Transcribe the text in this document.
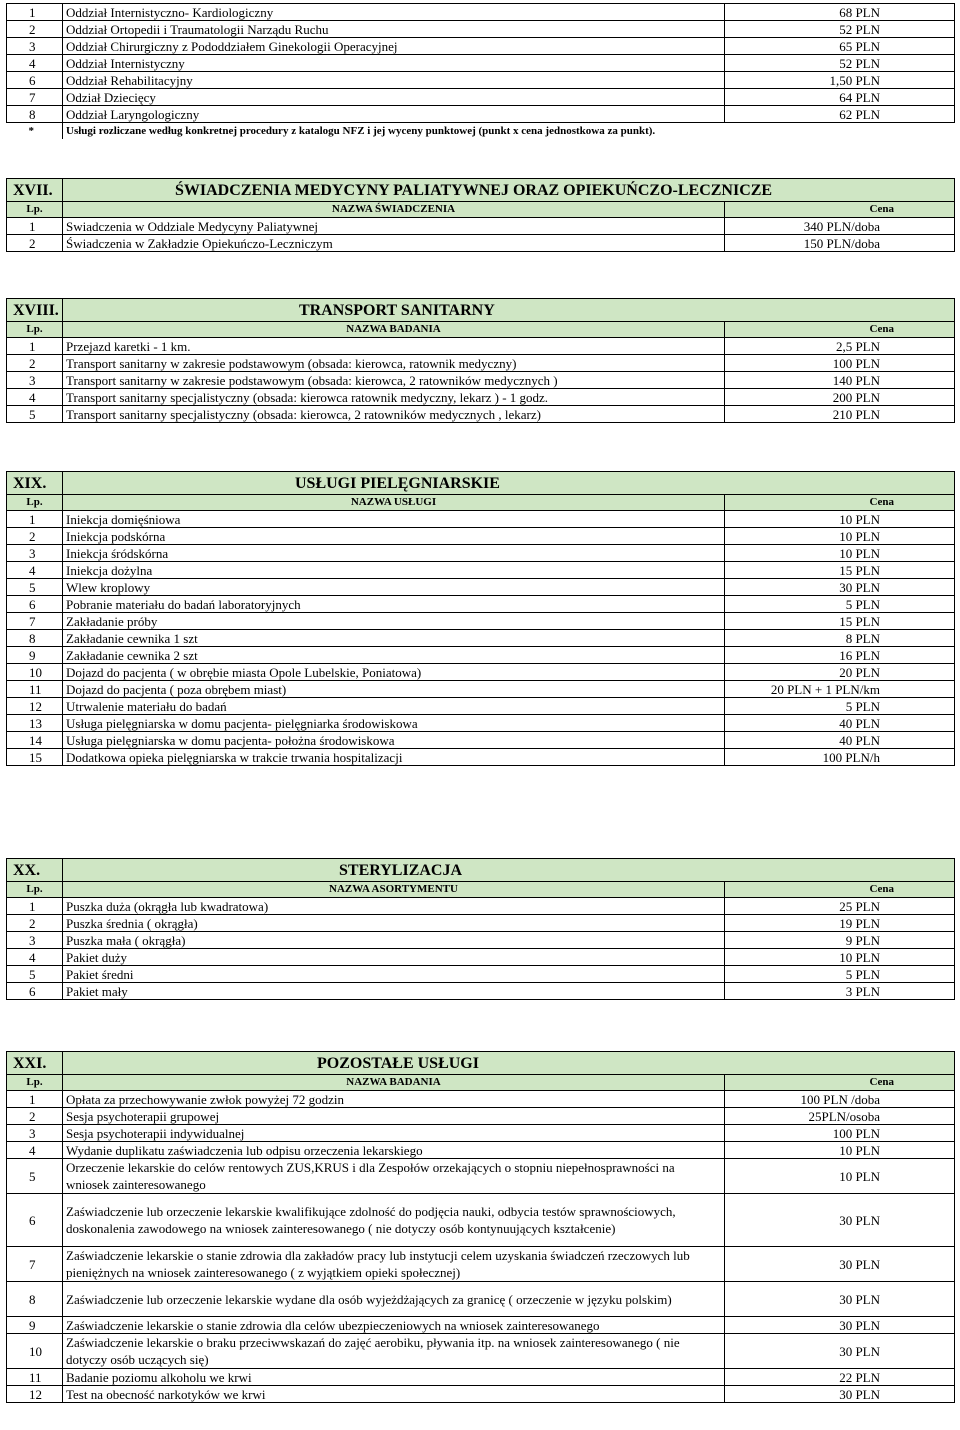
1	Oddział Internistyczno- Kardiologiczny	68 PLN
2	Oddział Ortopedii i Traumatologii Narządu Ruchu	52 PLN
3	Oddział Chirurgiczny z Pododdziałem Ginekologii Operacyjnej	65 PLN
4	Oddział Internistyczny	52 PLN
6	Oddział Rehabilitacyjny	1,50 PLN
7	Odział Dziecięcy	64 PLN
8	Oddział Laryngologiczny	62 PLN
*	Usługi rozliczane według konkretnej procedury z katalogu NFZ i jej wyceny punktowej (punkt x cena jednostkowa za punkt).	
XVII.	ŚWIADCZENIA MEDYCYNY PALIATYWNEJ ORAZ OPIEKUŃCZO-LECZNICZE	
Lp.	NAZWA ŚWIADCZENIA	Cena
1	Swiadczenia w Oddziale Medycyny Paliatywnej	340 PLN/doba
2	Świadczenia w Zakładzie Opiekuńczo-Leczniczym	150 PLN/doba
XVIII.	TRANSPORT SANITARNY	
Lp.	NAZWA BADANIA	Cena
1	Przejazd karetki - 1 km.	2,5 PLN
2	Transport sanitarny w zakresie podstawowym (obsada: kierowca, ratownik medyczny)	100 PLN
3	Transport sanitarny w zakresie podstawowym (obsada: kierowca, 2 ratowników medycznych )	140 PLN
4	Transport sanitarny specjalistyczny (obsada: kierowca ratownik medyczny, lekarz ) - 1 godz.	200 PLN
5	Transport sanitarny specjalistyczny (obsada: kierowca, 2 ratowników medycznych , lekarz)	210 PLN
XIX.	USŁUGI PIELĘGNIARSKIE	
Lp.	NAZWA USŁUGI	Cena
1	Iniekcja domięśniowa	10 PLN
2	Iniekcja podskórna	10 PLN
3	Iniekcja śródskórna	10 PLN
4	Iniekcja dożylna	15 PLN
5	Wlew kroplowy	30 PLN
6	Pobranie materiału do badań laboratoryjnych	5 PLN
7	Zakładanie próby	15 PLN
8	Zakładanie cewnika 1 szt	8 PLN
9	Zakładanie cewnika 2 szt	16 PLN
10	Dojazd do pacjenta ( w obrębie miasta Opole Lubelskie, Poniatowa)	20 PLN
11	Dojazd do pacjenta ( poza obrębem miast)	20 PLN + 1 PLN/km
12	Utrwalenie materiału do badań	5 PLN
13	Usługa pielęgniarska w domu pacjenta- pielęgniarka środowiskowa	40 PLN
14	Usługa pielęgniarska w domu pacjenta- położna środowiskowa	40 PLN
15	Dodatkowa opieka pielęgniarska w trakcie trwania hospitalizacji	100 PLN/h
XX.	STERYLIZACJA	
Lp.	NAZWA ASORTYMENTU	Cena
1	Puszka duża (okrągła lub kwadratowa)	25 PLN
2	Puszka średnia ( okrągła)	19 PLN
3	Puszka mała ( okrągła)	9 PLN
4	Pakiet duży	10 PLN
5	Pakiet średni	5 PLN
6	Pakiet mały	3 PLN
XXI.	POZOSTAŁE USŁUGI	
Lp.	NAZWA BADANIA	Cena
1	Opłata za przechowywanie zwłok powyżej 72 godzin	100 PLN /doba
2	Sesja psychoterapii grupowej	25PLN/osoba
3	Sesja psychoterapii indywidualnej	100 PLN
4	Wydanie duplikatu zaświadczenia lub odpisu orzeczenia lekarskiego	10 PLN
5	Orzeczenie lekarskie do celów rentowych ZUS,KRUS i dla Zespołów orzekających o stopniu niepełnosprawności na wniosek zainteresowanego	10 PLN
6	Zaświadczenie lub orzeczenie lekarskie kwalifikujące zdolność do podjęcia nauki, odbycia testów sprawnościowych, doskonalenia zawodowego na wniosek zainteresowanego ( nie dotyczy osób kontynuujących kształcenie)	30 PLN
7	Zaświadczenie lekarskie o stanie zdrowia dla zakładów pracy lub instytucji celem uzyskania świadczeń rzeczowych lub pieniężnych na wniosek zainteresowanego ( z wyjątkiem opieki społecznej)	30 PLN
8	Zaświadczenie lub orzeczenie lekarskie wydane dla osób wyjeżdżających za granicę ( orzeczenie w języku polskim)	30 PLN
9	Zaświadczenie lekarskie o stanie zdrowia dla celów ubezpieczeniowych na wniosek zainteresowanego	30 PLN
10	Zaświadczenie lekarskie o braku przeciwwskazań do zajęć aerobiku, pływania itp. na wniosek zainteresowanego ( nie dotyczy osób uczących się)	30 PLN
11	Badanie poziomu alkoholu we krwi	22 PLN
12	Test na obecność narkotyków we krwi	30 PLN
